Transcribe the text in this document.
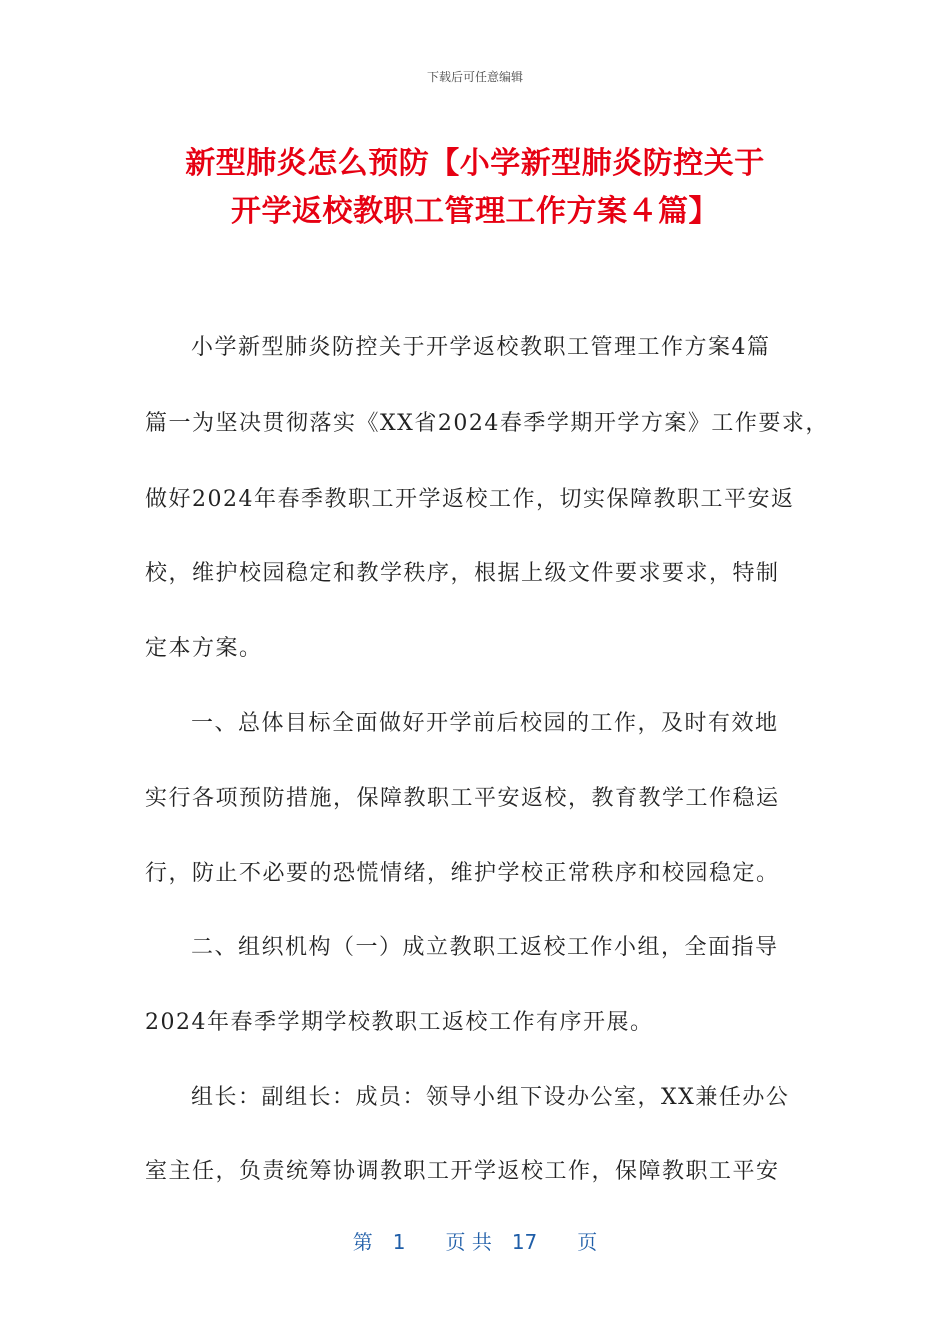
下载后可任意编辑
新型肺炎怎么预防【小学新型肺炎防控关于
开学返校教职工管理工作方案４篇】
小学新型肺炎防控关于开学返校教职工管理工作方案4篇
篇一为坚决贯彻落实《XX省2024春季学期开学方案》工作要求，
做好2024年春季教职工开学返校工作，切实保障教职工平安返
校，维护校园稳定和教学秩序，根据上级文件要求要求，特制
定本方案。
一、总体目标全面做好开学前后校园的工作，及时有效地
实行各项预防措施，保障教职工平安返校，教育教学工作稳运
行，防止不必要的恐慌情绪，维护学校正常秩序和校园稳定。
二、组织机构（一）成立教职工返校工作小组，全面指导
2024年春季学期学校教职工返校工作有序开展。
组长：副组长：成员：领导小组下设办公室，XX兼任办公
室主任，负责统筹协调教职工开学返校工作，保障教职工平安
第　1　　页 共　17　　页
